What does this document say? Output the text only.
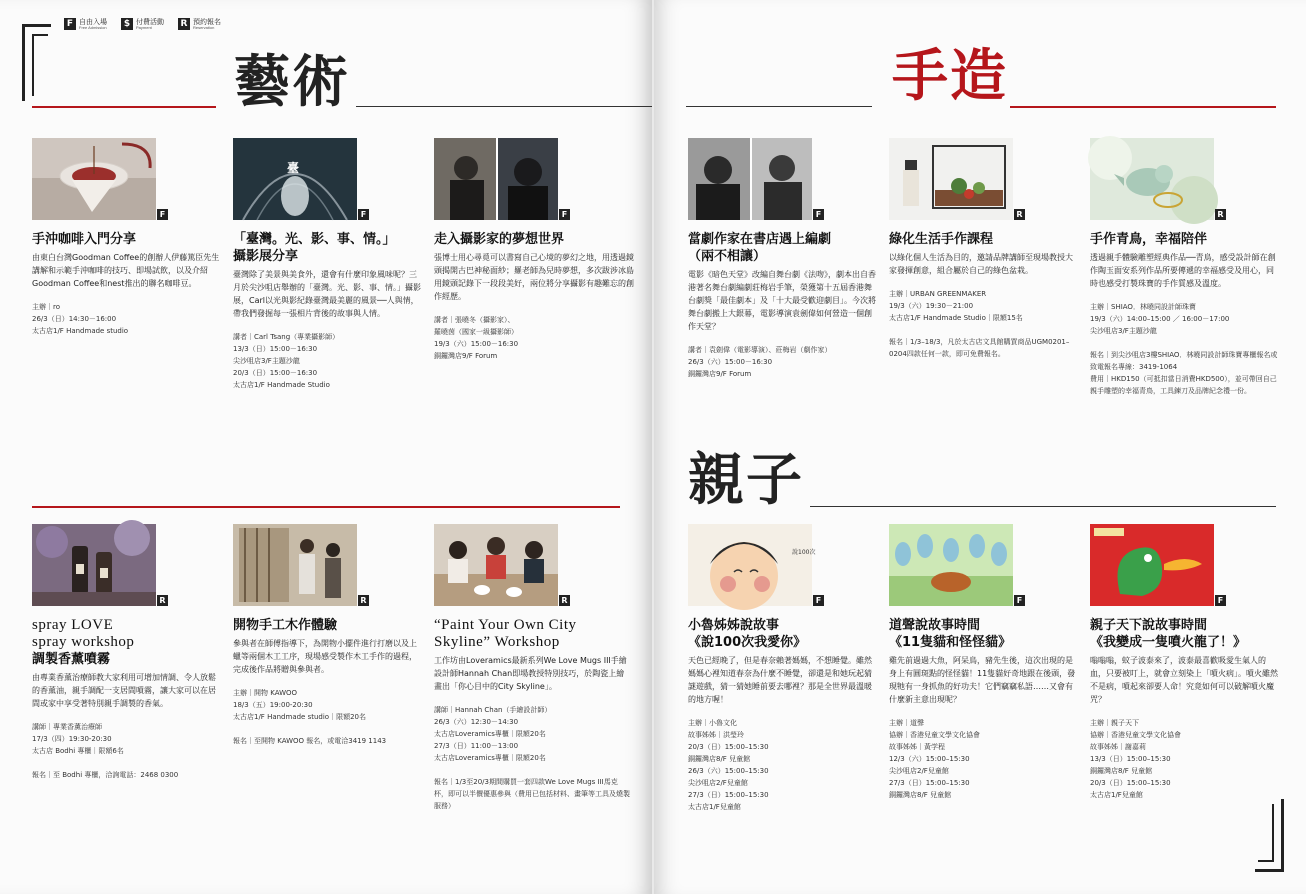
F 自由入場
Free Admission	$ 付費活動
Payment	R 預約報名
Reservation
藝術
F
手沖咖啡入門分享
由東白台灣Goodman Coffee的創辦人伊藤篤臣先生講解和示範手沖咖啡的技巧、即場試飲，以及介紹Goodman Coffee和nest推出的聯名咖啡豆。
主辦｜ro
26/3（日）14:30－16:00
太古店1/F Handmade studio
臺
F
「臺灣。光、影、事、情。」
攝影展分享
臺灣除了美景與美食外，還會有什麼印象風味呢？三月於尖沙咀店舉辦的「臺灣。光、影、事、情。」攝影展，Carl以光與影紀錄臺灣最美麗的風景──人與情，帶我們發掘每一張相片背後的故事與人情。
講者｜Carl Tsang（專業攝影師）
13/3（日）15:00－16:30
尖沙咀店3/F主題沙龍
20/3（日）15:00－16:30
太古店1/F Handmade Studio
F
走入攝影家的夢想世界
張博士用心尋覓可以書寫自己心境的夢幻之地，用透過鏡頭揭開古巴神秘面紗；羅老師為兒時夢想，多次跋涉冰島用鏡頭記錄下一段段美好，兩位將分享攝影有趣難忘的創作經歷。
講者｜張曉冬（攝影家）、
羅曉茵（國家一級攝影師）
19/3（六）15:00－16:30
銅鑼灣店9/F Forum
R
spray LOVE
spray workshop
調製香薰噴霧
由專業香薰治療師教大家利用可增加情調、令人放鬆的香薰油，親手調配一支居間噴霧，讓大家可以在居間或家中享受著特別親手調製的香氣。
講師｜專業香薰治療師
17/3（四）19:30-20:30
太古店 Bodhi 專櫃｜限額6名

報名｜至 Bodhi 專櫃，洽詢電話：2468 0300
R
開物手工木作體驗
參與者在師傅指導下，為開物小擺件進行打磨以及上蠟等兩個木工工序，現場感受製作木工手作的過程，完成後作品將贈與參與者。
主辦｜開物 KAWOO
18/3（五）19:00-20:30
太古店1/F Handmade studio｜限額20名

報名｜至開物 KAWOO 報名，或電洽3419 1143
R
“Paint Your Own City
Skyline” Workshop
工作坊由Loveramics最新系列We Love Mugs III手繪設計師Hannah Chan即場教授特別技巧，於陶瓷上繪畫出「你心目中的City Skyline」。
講師｜Hannah Chan（手繪設計師）
26/3（六）12:30－14:30
太古店Loveramics專櫃｜限額20名
27/3（日）11:00－13:00
太古店Loveramics專櫃｜限額20名

報名｜1/3至20/3期間購買一套四款We Love Mugs III馬克杯，即可以半價優惠參與（費用已包括材料、畫筆等工具及燒製服務）
手造
F
當劇作家在書店遇上編劇
（兩不相讓）
電影《暗色天堂》改編自舞台劇《法吻》，劇本出自香港著名舞台劇編劇莊梅岩手筆，榮獲第十五屆香港舞台劇獎「最佳劇本」及「十大最受歡迎劇目」。今次將舞台劇搬上大銀幕，電影導演袁劍偉如何營造一個創作天堂？
講者｜袁劍偉（電影導演）、莊梅岩（劇作家）
26/3（六）15:00－16:30
銅鑼灣店9/F Forum
R
綠化生活手作課程
以綠化個人生活為目的，邀請品牌講師至現場教授大家發揮創意，組合屬於自己的綠色盆栽。
主辦｜URBAN GREENMAKER
19/3（六）19:30－21:00
太古店1/F Handmade Studio｜限額15名

報名｜1/3–18/3，凡於太古店文具館購買商品UGM0201–0204四款任何一款，即可免費報名。
R
手作青鳥，幸福陪伴
透過親手體驗雕塑經典作品──青鳥，感受設計師在創作陶玉面安系列作品所要傳遞的幸福感受及用心，同時也感受打製珠寶的手作質感及溫度。
主辦｜SHIAO．林曉同設計師珠寶
19/3（六）14:00–15:00 ／ 16:00－17:00
尖沙咀店3/F主題沙龍

報名｜到尖沙咀店3樓SHIAO．林曉同設計師珠寶專櫃報名或致電報名專線：3419-1064
費用｜HKD150（可抵扣當日消費HKD500），並可帶回自己親手雕塑的幸福青鳥，工具鍊刀及品牌紀念禮一份。
親子
說100次
F
小魯姊姊說故事
《說100次我愛你》
天色已經晚了，但是春奈賴著媽媽，不想睡覺。雖然媽媽心裡知道春奈為什麼不睡覺，卻還是和她玩起猜謎遊戲，猜一猜她睡前要去哪裡？那是全世界最溫暖的地方喔！
主辦｜小魯文化
故事姊姊｜洪瑩玲
20/3（日）15:00–15:30
銅鑼灣店8/F 兒童館
26/3（六）15:00–15:30
尖沙咀店2/F兒童館
27/3（日）15:00–15:30
太古店1/F兒童館
F
道聲說故事時間
《11隻貓和怪怪貓》
雞先前過過大魚，阿呆鳥，豬先生後，這次出現的是身上有圓斑點的怪怪貓！11隻貓好奇地跟在後頭，發現牠有一身抓魚的好功夫！它們竊竊私語……又會有什麼新主意出現呢？
主辦｜道聲
協辦｜香港兒童文學文化協會
故事姊姊｜黃学程
12/3（六）15:00–15:30
尖沙咀店2/F兒童館
27/3（日）15:00–15:30
銅鑼灣店8/F 兒童館
F
親子天下說故事時間
《我變成一隻噴火龍了！》
嗡嗡嗡，蚊子波泰來了，波泰最喜歡吸愛生氣人的血，只要被叮上，就會立刻染上「噴火病」。噴火雖然不是病，噴起來卻要人命！究竟如何可以破解噴火魔咒？
主辦｜親子天下
協辦｜香港兒童文學文化協會
故事姊姊｜謝嘉莉
13/3（日）15:00–15:30
銅鑼灣店8/F 兒童館
20/3（日）15:00–15:30
太古店1/F兒童館
